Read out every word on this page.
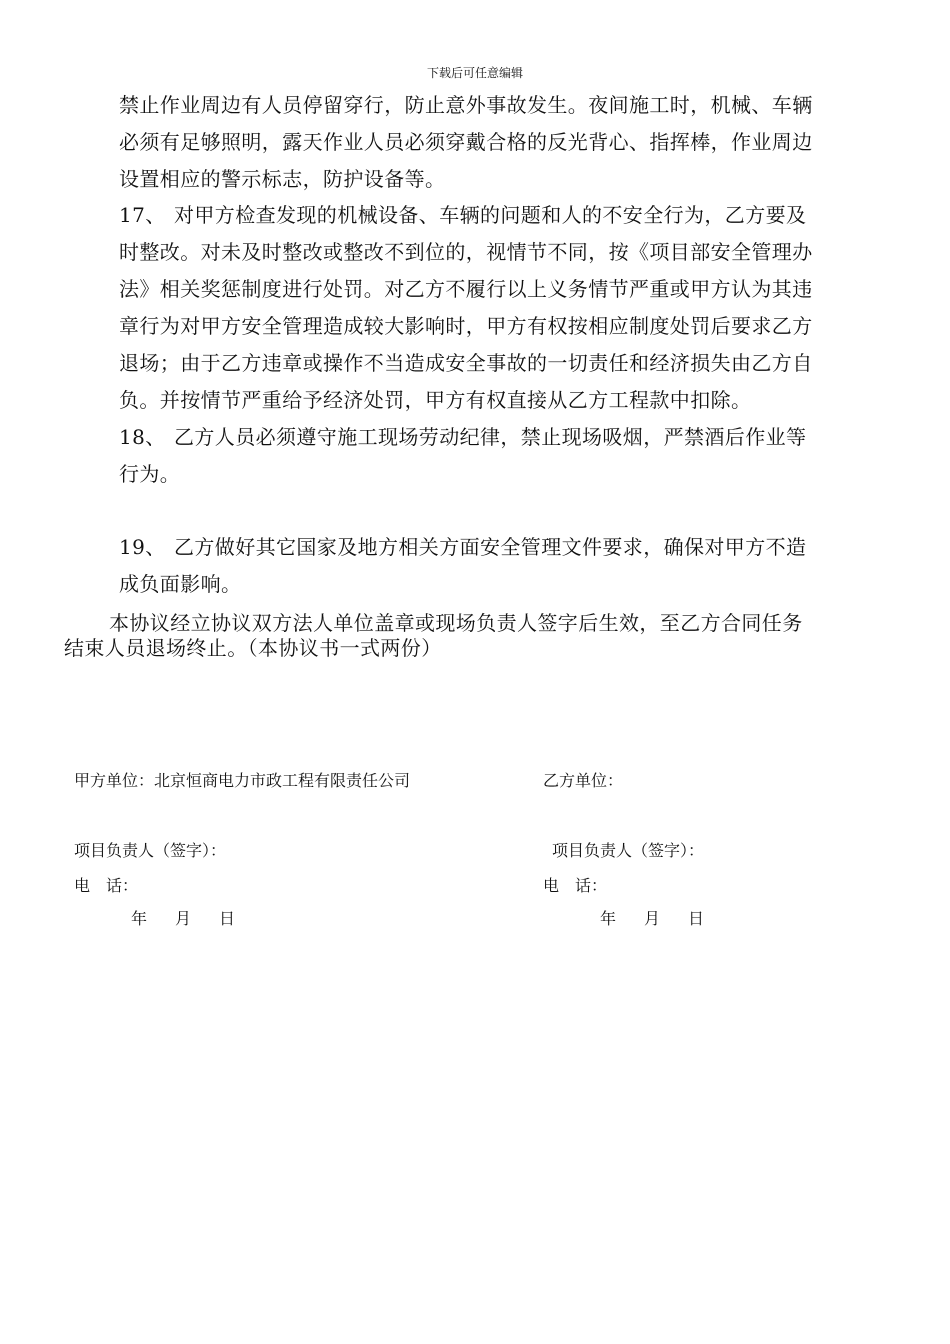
下载后可任意编辑
禁止作业周边有人员停留穿行，防止意外事故发生。夜间施工时，机械、车辆
必须有足够照明，露天作业人员必须穿戴合格的反光背心、指挥棒，作业周边
设置相应的警示标志，防护设备等。
17、 对甲方检查发现的机械设备、车辆的问题和人的不安全行为，乙方要及
时整改。对未及时整改或整改不到位的，视情节不同，按《项目部安全管理办
法》相关奖惩制度进行处罚。对乙方不履行以上义务情节严重或甲方认为其违
章行为对甲方安全管理造成较大影响时，甲方有权按相应制度处罚后要求乙方
退场；由于乙方违章或操作不当造成安全事故的一切责任和经济损失由乙方自
负。并按情节严重给予经济处罚，甲方有权直接从乙方工程款中扣除。
18、 乙方人员必须遵守施工现场劳动纪律，禁止现场吸烟，严禁酒后作业等
行为。
19、 乙方做好其它国家及地方相关方面安全管理文件要求，确保对甲方不造
成负面影响。
本协议经立协议双方法人单位盖章或现场负责人签字后生效，至乙方合同任务
结束人员退场终止。（本协议书一式两份）
甲方单位：北京恒商电力市政工程有限责任公司
项目负责人（签字）：
电　话：
年 月 日
乙方单位：
项目负责人（签字）：
电　话：
年 月 日
